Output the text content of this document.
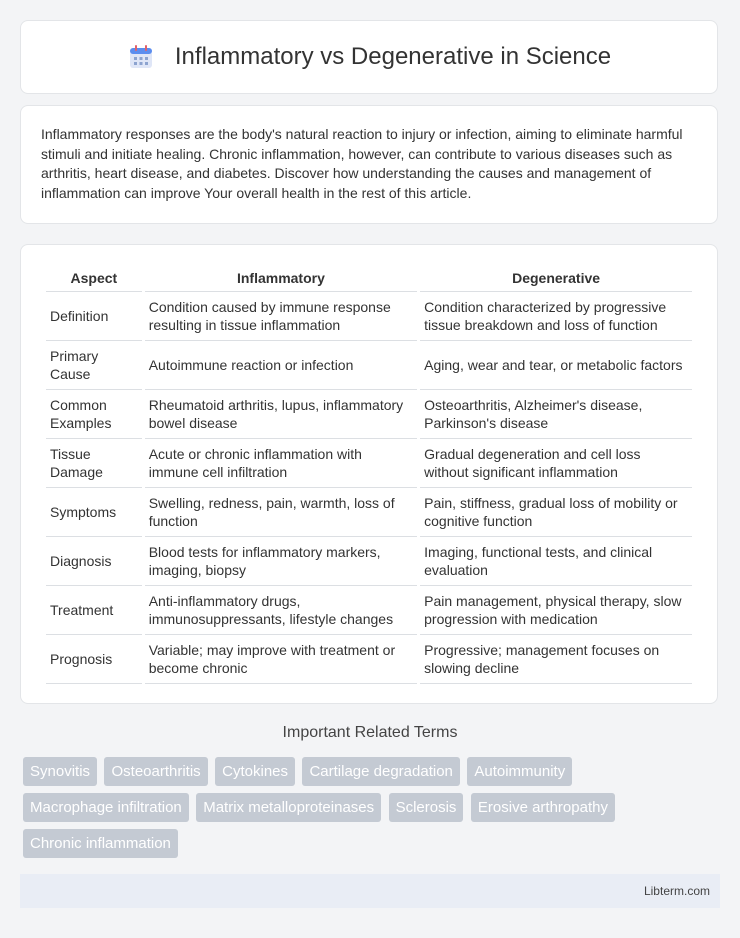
Inflammatory vs Degenerative in Science

Inflammatory responses are the body's natural reaction to injury or infection, aiming to eliminate harmful stimuli and initiate healing. Chronic inflammation, however, can contribute to various diseases such as arthritis, heart disease, and diabetes. Discover how understanding the causes and management of inflammation can improve Your overall health in the rest of this article.

Aspect	Inflammatory	Degenerative
Definition	Condition caused by immune response resulting in tissue inflammation	Condition characterized by progressive tissue breakdown and loss of function
Primary Cause	Autoimmune reaction or infection	Aging, wear and tear, or metabolic factors
Common Examples	Rheumatoid arthritis, lupus, inflammatory bowel disease	Osteoarthritis, Alzheimer's disease, Parkinson's disease
Tissue Damage	Acute or chronic inflammation with immune cell infiltration	Gradual degeneration and cell loss without significant inflammation
Symptoms	Swelling, redness, pain, warmth, loss of function	Pain, stiffness, gradual loss of mobility or cognitive function
Diagnosis	Blood tests for inflammatory markers, imaging, biopsy	Imaging, functional tests, and clinical evaluation
Treatment	Anti-inflammatory drugs, immunosuppressants, lifestyle changes	Pain management, physical therapy, slow progression with medication
Prognosis	Variable; may improve with treatment or become chronic	Progressive; management focuses on slowing decline
Important Related Terms
Synovitis Osteoarthritis Cytokines Cartilage degradation Autoimmunity Macrophage infiltration Matrix metalloproteinases Sclerosis Erosive arthropathy Chronic inflammation
Libterm.com
